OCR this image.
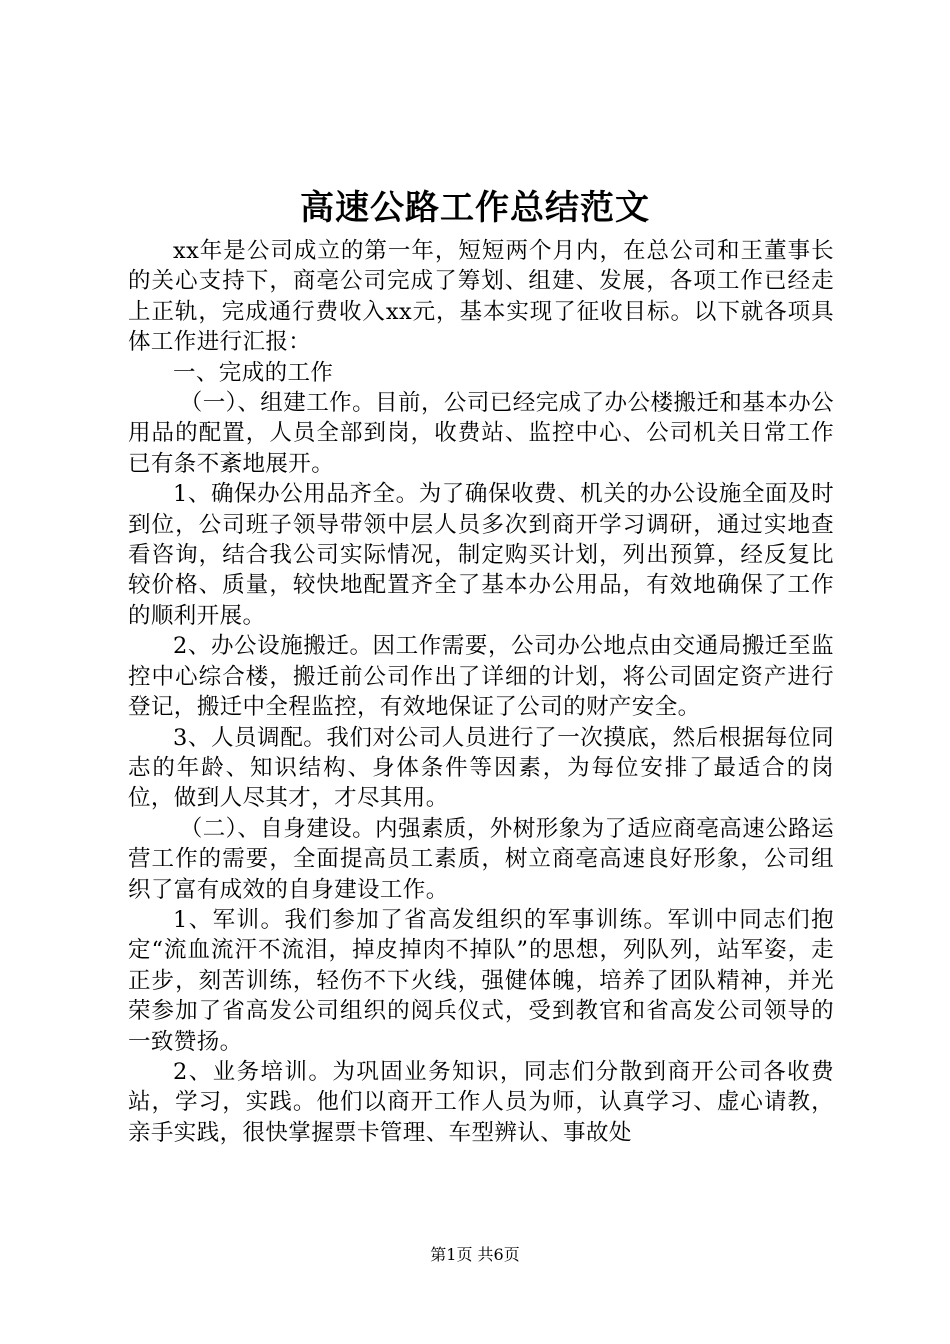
高速公路工作总结范文

xx年是公司成立的第一年，短短两个月内，在总公司和王董事长的关心支持下，商亳公司完成了筹划、组建、发展，各项工作已经走上正轨，完成通行费收入xx元，基本实现了征收目标。以下就各项具体工作进行汇报：

一、完成的工作

（一）、组建工作。目前，公司已经完成了办公楼搬迁和基本办公用品的配置，人员全部到岗，收费站、监控中心、公司机关日常工作已有条不紊地展开。

1、确保办公用品齐全。为了确保收费、机关的办公设施全面及时到位，公司班子领导带领中层人员多次到商开学习调研，通过实地查看咨询，结合我公司实际情况，制定购买计划，列出预算，经反复比较价格、质量，较快地配置齐全了基本办公用品，有效地确保了工作的顺利开展。

2、办公设施搬迁。因工作需要，公司办公地点由交通局搬迁至监控中心综合楼，搬迁前公司作出了详细的计划，将公司固定资产进行登记，搬迁中全程监控，有效地保证了公司的财产安全。

3、人员调配。我们对公司人员进行了一次摸底，然后根据每位同志的年龄、知识结构、身体条件等因素，为每位安排了最适合的岗位，做到人尽其才，才尽其用。

（二）、自身建设。内强素质，外树形象为了适应商亳高速公路运营工作的需要，全面提高员工素质，树立商亳高速良好形象，公司组织了富有成效的自身建设工作。

1、军训。我们参加了省高发组织的军事训练。军训中同志们抱定“流血流汗不流泪，掉皮掉肉不掉队”的思想，列队列，站军姿，走正步，刻苦训练，轻伤不下火线，强健体魄，培养了团队精神，并光荣参加了省高发公司组织的阅兵仪式，受到教官和省高发公司领导的一致赞扬。

2、业务培训。为巩固业务知识，同志们分散到商开公司各收费站，学习，实践。他们以商开工作人员为师，认真学习、虚心请教，亲手实践，很快掌握票卡管理、车型辨认、事故处

第1页 共6页
